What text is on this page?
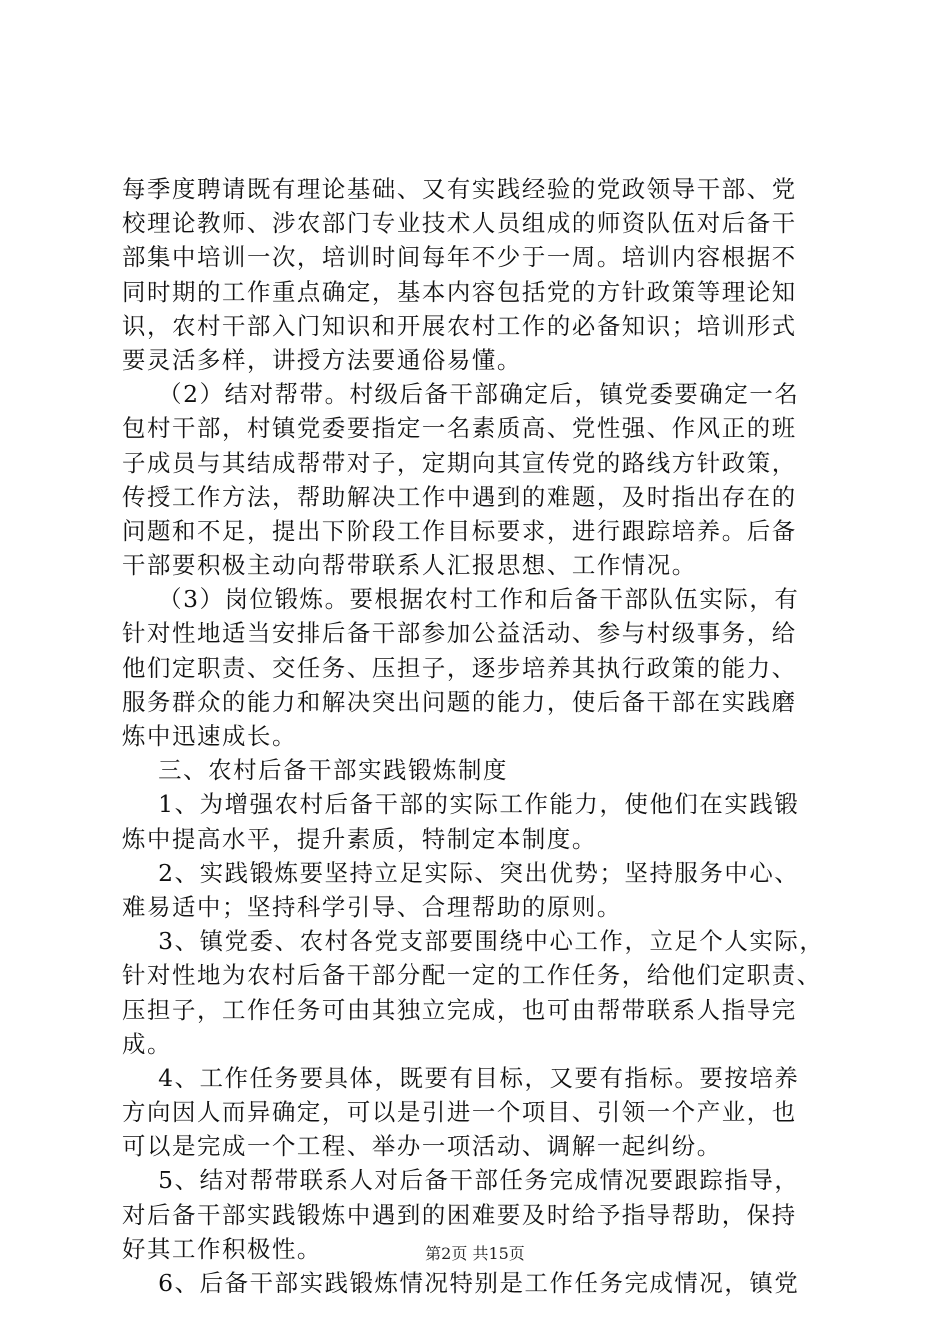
每季度聘请既有理论基础、又有实践经验的党政领导干部、党
校理论教师、涉农部门专业技术人员组成的师资队伍对后备干
部集中培训一次，培训时间每年不少于一周。培训内容根据不
同时期的工作重点确定，基本内容包括党的方针政策等理论知
识，农村干部入门知识和开展农村工作的必备知识；培训形式
要灵活多样，讲授方法要通俗易懂。
（2）结对帮带。村级后备干部确定后，镇党委要确定一名
包村干部，村镇党委要指定一名素质高、党性强、作风正的班
子成员与其结成帮带对子，定期向其宣传党的路线方针政策，
传授工作方法，帮助解决工作中遇到的难题，及时指出存在的
问题和不足，提出下阶段工作目标要求，进行跟踪培养。后备
干部要积极主动向帮带联系人汇报思想、工作情况。
（3）岗位锻炼。要根据农村工作和后备干部队伍实际，有
针对性地适当安排后备干部参加公益活动、参与村级事务，给
他们定职责、交任务、压担子，逐步培养其执行政策的能力、
服务群众的能力和解决突出问题的能力，使后备干部在实践磨
炼中迅速成长。
三、农村后备干部实践锻炼制度
1、为增强农村后备干部的实际工作能力，使他们在实践锻
炼中提高水平，提升素质，特制定本制度。
2、实践锻炼要坚持立足实际、突出优势；坚持服务中心、
难易适中；坚持科学引导、合理帮助的原则。
3、镇党委、农村各党支部要围绕中心工作，立足个人实际，
针对性地为农村后备干部分配一定的工作任务，给他们定职责、
压担子，工作任务可由其独立完成，也可由帮带联系人指导完
成。
4、工作任务要具体，既要有目标，又要有指标。要按培养
方向因人而异确定，可以是引进一个项目、引领一个产业，也
可以是完成一个工程、举办一项活动、调解一起纠纷。
5、结对帮带联系人对后备干部任务完成情况要跟踪指导，
对后备干部实践锻炼中遇到的困难要及时给予指导帮助，保持
好其工作积极性。
6、后备干部实践锻炼情况特别是工作任务完成情况，镇党
第2页 共15页
